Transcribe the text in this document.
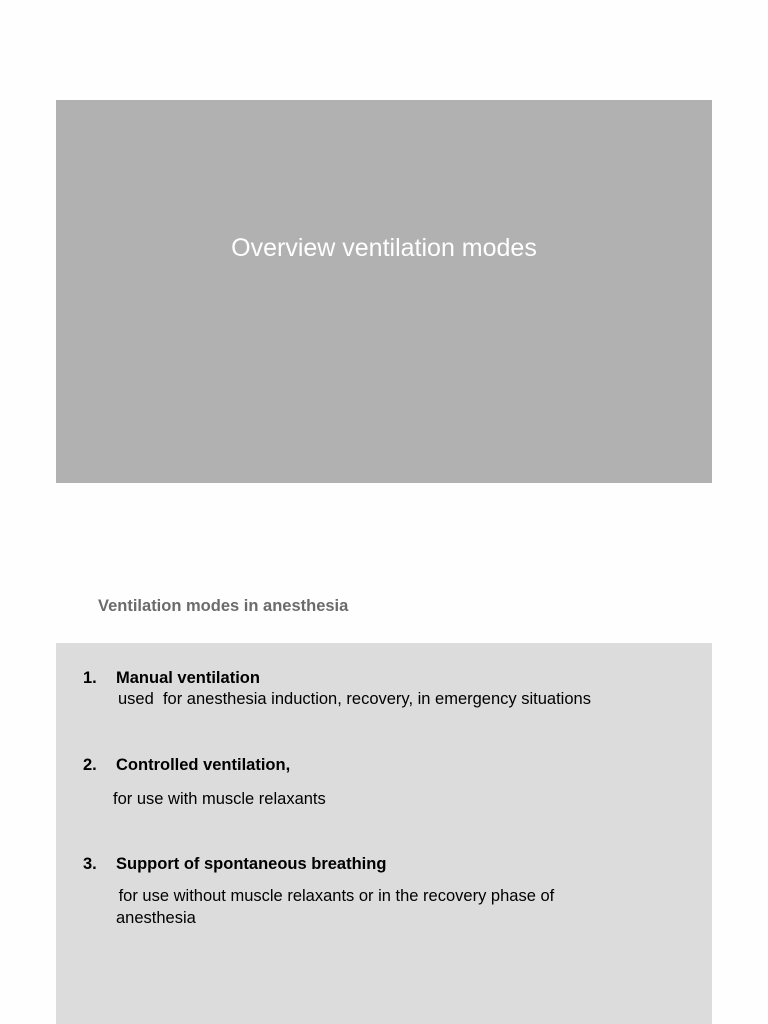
Overview ventilation modes
Ventilation modes in anesthesia
1. Manual ventilation
used  for anesthesia induction, recovery, in emergency situations
2. Controlled ventilation,
for use with muscle relaxants
3. Support of spontaneous breathing
for use without muscle relaxants or in the recovery phase of
anesthesia
